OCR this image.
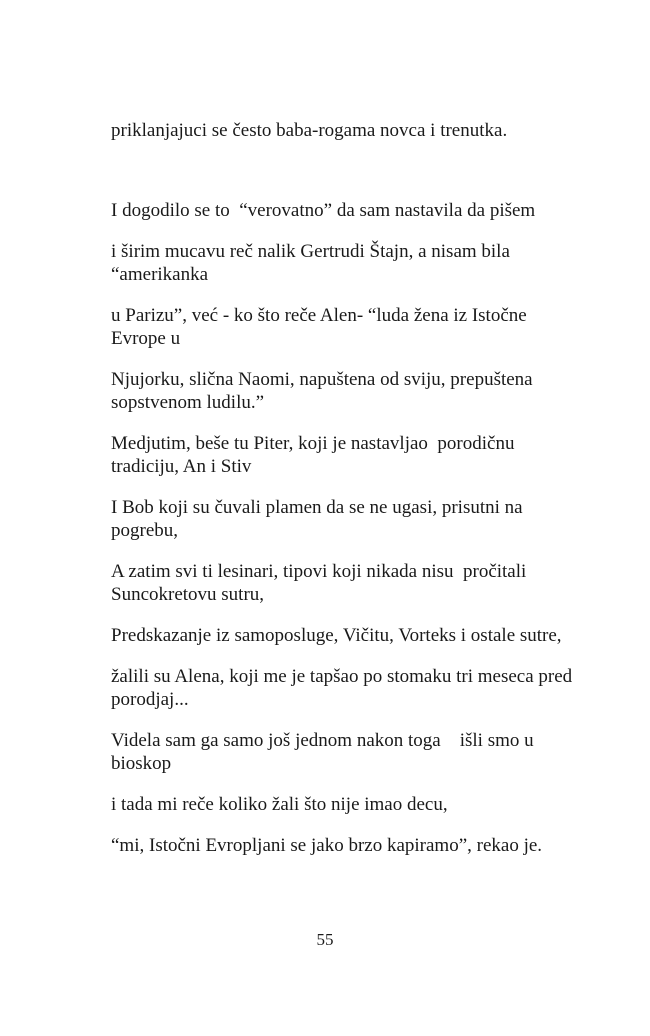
priklanjajuci se često baba-rogama novca i trenutka.

I dogodilo se to  “verovatno” da sam nastavila da pišem

i širim mucavu reč nalik Gertrudi Štajn, a nisam bila “amerikanka

u Parizu”, već - ko što reče Alen- “luda žena iz Istočne Evrope u

Njujorku, slična Naomi, napuštena od sviju, prepuštena sopstvenom ludilu.”

Medjutim, beše tu Piter, koji je nastavljao  porodičnu tradiciju, An i Stiv

I Bob koji su čuvali plamen da se ne ugasi, prisutni na pogrebu,

A zatim svi ti lesinari, tipovi koji nikada nisu  pročitali Suncokretovu sutru,

Predskazanje iz samoposluge, Vičitu, Vorteks i ostale sutre,

žalili su Alena, koji me je tapšao po stomaku tri meseca pred porodjaj...

Videla sam ga samo još jednom nakon toga    išli smo u bioskop

i tada mi reče koliko žali što nije imao decu,

“mi, Istočni Evropljani se jako brzo kapiramo”, rekao je.

55
